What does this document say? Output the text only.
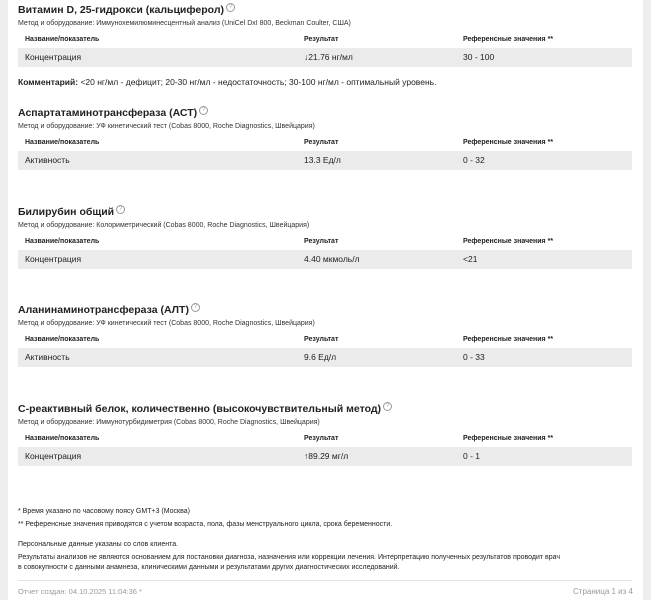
Витамин D, 25-гидрокси (кальциферол) ?
Метод и оборудование: Иммунохемилюминесцентный анализ (UniCel DxI 800, Beckman Coulter, США)
Название/показатель	Результат	Референсные значения **
Концентрация	↓21.76 нг/мл	30 - 100
Комментарий: <20 нг/мл - дефицит; 20-30 нг/мл - недостаточность; 30-100 нг/мл - оптимальный уровень.
Аспартатаминотрансфераза (АСТ) ?
Метод и оборудование: УФ кинетический тест (Cobas 8000, Roche Diagnostics, Швейцария)
Название/показатель	Результат	Референсные значения **
Активность	13.3 Ед/л	0 - 32
Билирубин общий ?
Метод и оборудование: Колориметрический (Cobas 8000, Roche Diagnostics, Швейцария)
Название/показатель	Результат	Референсные значения **
Концентрация	4.40 мкмоль/л	<21
Аланинаминотрансфераза (АЛТ) ?
Метод и оборудование: УФ кинетический тест (Cobas 8000, Roche Diagnostics, Швейцария)
Название/показатель	Результат	Референсные значения **
Активность	9.6 Ед/л	0 - 33
С-реактивный белок, количественно (высокочувствительный метод) ?
Метод и оборудование: Иммунотурбидиметрия (Cobas 8000, Roche Diagnostics, Швейцария)
Название/показатель	Результат	Референсные значения **
Концентрация	↑89.29 мг/л	0 - 1
* Время указано по часовому поясу GMT+3 (Москва)
** Референсные значения приводятся с учетом возраста, пола, фазы менструального цикла, срока беременности.
Персональные данные указаны со слов клиента.
Результаты анализов не являются основанием для постановки диагноза, назначения или коррекции лечения. Интерпретацию полученных результатов проводит врач
в совокупности с данными анамнеза, клиническими данными и результатами других диагностических исследований.
Отчет создан: 04.10.2025 11:04:36 *	Страница 1 из 4
